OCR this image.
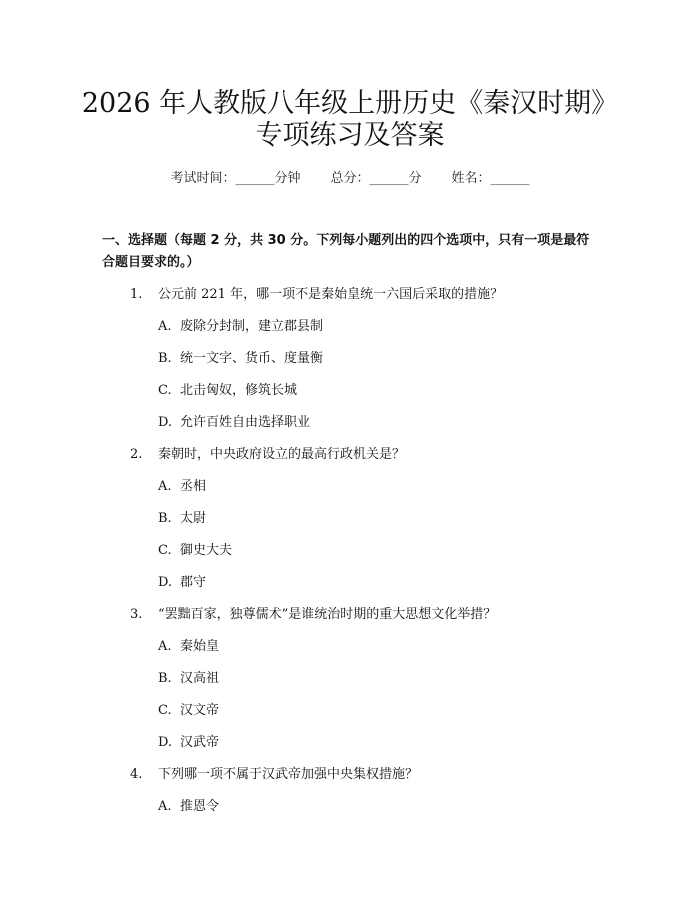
2026 年人教版八年级上册历史《秦汉时期》
专项练习及答案
考试时间：______分钟 总分：______分 姓名：______
一、选择题（每题 2 分，共 30 分。下列每小题列出的四个选项中，只有一项是最符合题目要求的。）
1. 公元前 221 年，哪一项不是秦始皇统一六国后采取的措施？
A. 废除分封制，建立郡县制
B. 统一文字、货币、度量衡
C. 北击匈奴，修筑长城
D. 允许百姓自由选择职业
2. 秦朝时，中央政府设立的最高行政机关是？
A. 丞相
B. 太尉
C. 御史大夫
D. 郡守
3. “罢黜百家，独尊儒术”是谁统治时期的重大思想文化举措？
A. 秦始皇
B. 汉高祖
C. 汉文帝
D. 汉武帝
4. 下列哪一项不属于汉武帝加强中央集权措施？
A. 推恩令
